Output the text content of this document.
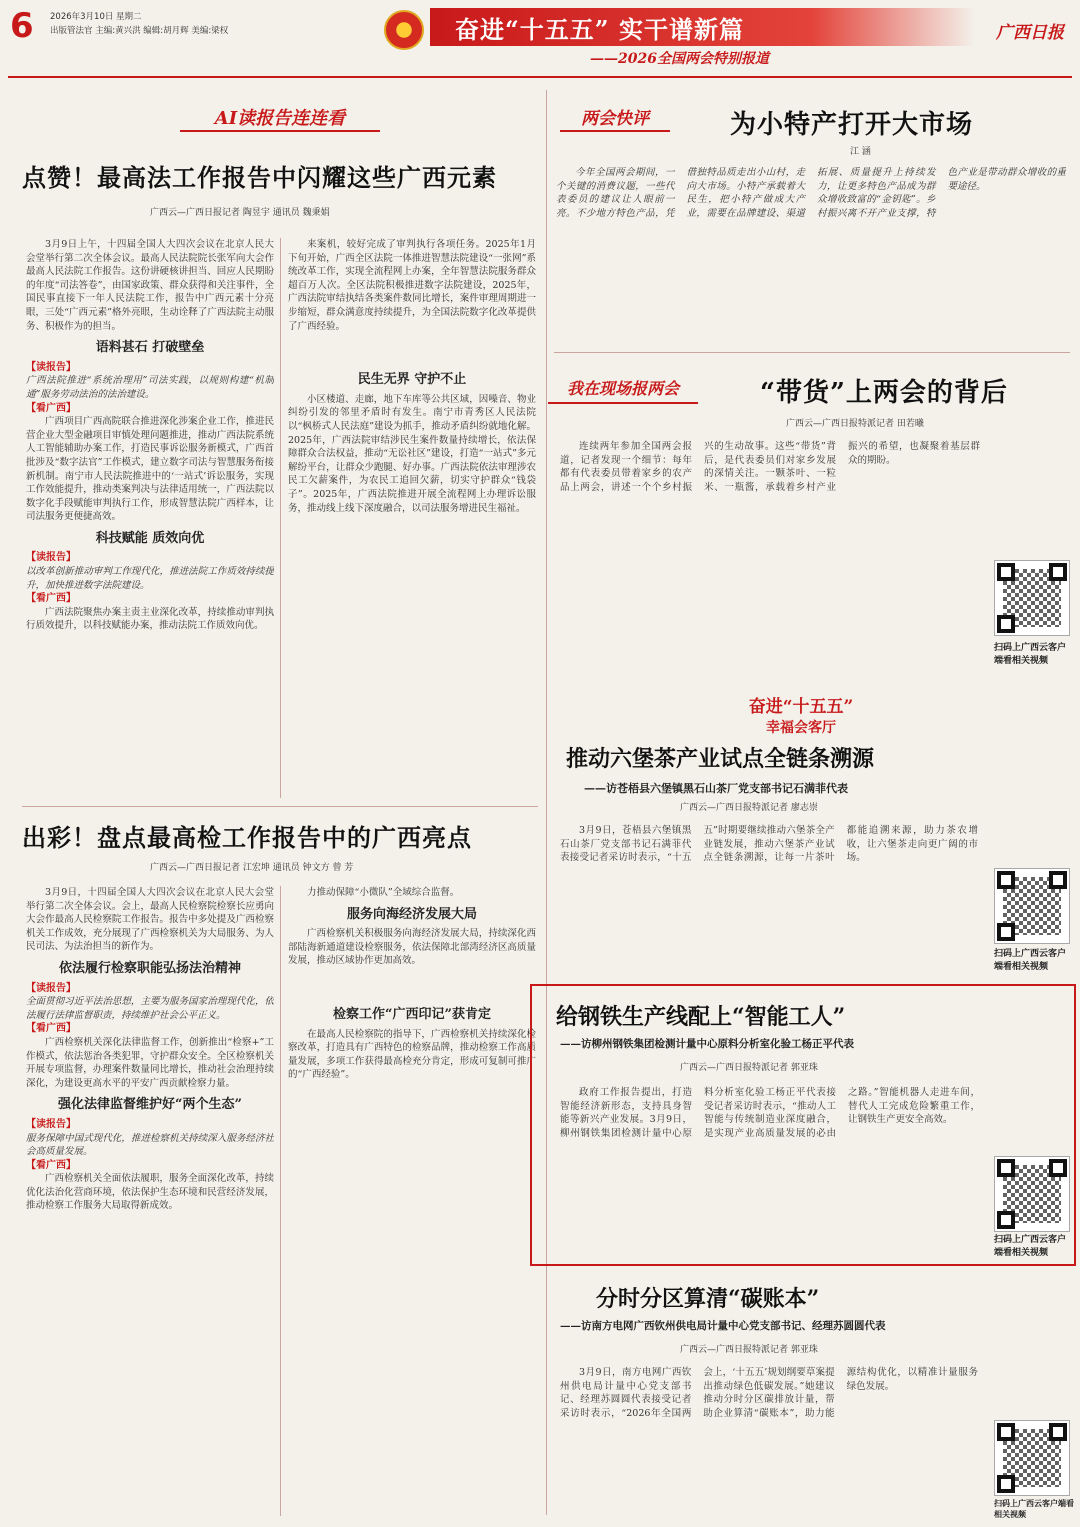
6 2026年3月10日 星期二
出版管法官 主编:黄兴洪 编辑:胡月辉 美编:梁权	奋进“十五五” 实干谱新篇
——2026全国两会特别报道
广西日报
AI读报告连连看
点赞！最高法工作报告中闪耀这些广西元素
广西云—广西日报记者 陶昱宇 通讯员 魏秉娟

3月9日上午，十四届全国人大四次会议在北京人民大会堂举行第二次全体会议。最高人民法院院长张军向大会作最高人民法院工作报告。这份讲硬核讲担当、回应人民期盼的年度“司法答卷”，由国家政策、群众获得和关注事件，全国民事直接下一年人民法院工作，报告中广西元素十分亮眼，三处“广西元素”格外亮眼，生动诠释了广西法院主动服务、积极作为的担当。

语料甚石 打破壁垒
【读报告】
广西法院推进“系统治理用”司法实践，以规则构建“机制通”服务劳动法治的法治建设。
【看广西】

广西项目广西高院联合推进深化涉案企业工作，推进民营企业大型金融项目审慎处理问题推进，推动广西法院系统人工智能辅助办案工作，打造民事诉讼服务新模式，广西首批涉及“数字法官”工作模式，建立数字司法与智慧服务衔接新机制。南宁市人民法院推进中的‘一站式’诉讼服务，实现工作效能提升，推动类案判决与法律适用统一，广西法院以数字化手段赋能审判执行工作，形成智慧法院广西样本，让司法服务更便捷高效。

科技赋能 质效向优
【读报告】
以改革创新推动审判工作现代化，推进法院工作质效持续提升，加快推进数字法院建设。
【看广西】

广西法院聚焦办案主责主业深化改革，持续推动审判执行质效提升，以科技赋能办案，推动法院工作质效向优。

来案机，较好完成了审判执行各项任务。2025年1月下旬开始，广西全区法院一体推进智慧法院建设“一张网”系统改革工作，实现全流程网上办案，全年智慧法院服务群众超百万人次。全区法院积极推进数字法院建设，2025年，广西法院审结执结各类案件数同比增长，案件审理周期进一步缩短，群众满意度持续提升，为全国法院数字化改革提供了广西经验。

民生无界 守护不止

小区楼道、走廊，地下车库等公共区域，因噪音、物业纠纷引发的邻里矛盾时有发生。南宁市青秀区人民法院以“枫桥式人民法庭”建设为抓手，推动矛盾纠纷就地化解。2025年，广西法院审结涉民生案件数量持续增长，依法保障群众合法权益，推动“无讼社区”建设，打造“一站式”多元解纷平台，让群众少跑腿、好办事。广西法院依法审理涉农民工欠薪案件，为农民工追回欠薪，切实守护群众“钱袋子”。2025年，广西法院推进开展全流程网上办理诉讼服务，推动线上线下深度融合，以司法服务增进民生福祉。

出彩！盘点最高检工作报告中的广西亮点
广西云—广西日报记者 江宏坤 通讯员 钟文方 曾 芳

3月9日，十四届全国人大四次会议在北京人民大会堂举行第二次全体会议。会上，最高人民检察院检察长应勇向大会作最高人民检察院工作报告。报告中多处提及广西检察机关工作成效，充分展现了广西检察机关为大局服务、为人民司法、为法治担当的新作为。

依法履行检察职能弘扬法治精神
【读报告】
全面贯彻习近平法治思想，主要为服务国家治理现代化，依法履行法律监督职责，持续维护社会公平正义。
【看广西】

广西检察机关深化法律监督工作，创新推出“检察+”工作模式，依法惩治各类犯罪，守护群众安全。全区检察机关开展专项监督，办理案件数量同比增长，推动社会治理持续深化，为建设更高水平的平安广西贡献检察力量。

强化法律监督维护好“两个生态”
【读报告】
服务保障中国式现代化，推进检察机关持续深入服务经济社会高质量发展。
【看广西】

广西检察机关全面依法履职，服务全面深化改革，持续优化法治化营商环境，依法保护生态环境和民营经济发展，推动检察工作服务大局取得新成效。

力推动保障“小微队”全域综合监督。

服务向海经济发展大局

广西检察机关积极服务向海经济发展大局，持续深化西部陆海新通道建设检察服务，依法保障北部湾经济区高质量发展，推动区域协作更加高效。

检察工作“广西印记”获肯定

在最高人民检察院的指导下，广西检察机关持续深化检察改革，打造具有广西特色的检察品牌，推动检察工作高质量发展，多项工作获得最高检充分肯定，形成可复制可推广的“广西经验”。

两会快评	为小特产打开大市场
江 涵

今年全国两会期间，一个关键的消费议题，一些代表委员的建议让人眼前一亮。不少地方特色产品，凭借独特品质走出小山村，走向大市场。小特产承载着大民生，把小特产做成大产业，需要在品牌建设、渠道拓展、质量提升上持续发力，让更多特色产品成为群众增收致富的“金钥匙”。乡村振兴离不开产业支撑，特色产业是带动群众增收的重要途径。

我在现场报两会	“带货”上两会的背后
广西云—广西日报特派记者 田若曦

连续两年参加全国两会报道，记者发现一个细节：每年都有代表委员带着家乡的农产品上两会，讲述一个个乡村振兴的生动故事。这些“带货”背后，是代表委员们对家乡发展的深情关注。一颗茶叶、一粒米、一瓶酱，承载着乡村产业振兴的希望，也凝聚着基层群众的期盼。

扫码上广西云客户端看相关视频
奋进“十五五”
幸福会客厅
推动六堡茶产业试点全链条溯源
——访苍梧县六堡镇黑石山茶厂党支部书记石满菲代表
广西云—广西日报特派记者 廖志崇

3月9日，苍梧县六堡镇黑石山茶厂党支部书记石满菲代表接受记者采访时表示，“十五五”时期要继续推动六堡茶全产业链发展，推动六堡茶产业试点全链条溯源，让每一片茶叶都能追溯来源，助力茶农增收，让六堡茶走向更广阔的市场。

扫码上广西云客户端看相关视频
给钢铁生产线配上“智能工人”
——访柳州钢铁集团检测计量中心原料分析室化验工杨正平代表
广西云—广西日报特派记者 郭亚珠

政府工作报告提出，打造智能经济新形态，支持具身智能等新兴产业发展。3月9日，柳州钢铁集团检测计量中心原料分析室化验工杨正平代表接受记者采访时表示，“推动人工智能与传统制造业深度融合，是实现产业高质量发展的必由之路。”智能机器人走进车间，替代人工完成危险繁重工作，让钢铁生产更安全高效。

扫码上广西云客户端看相关视频
分时分区算清“碳账本”
——访南方电网广西钦州供电局计量中心党支部书记、经理苏圆圆代表
广西云—广西日报特派记者 郭亚珠

3月9日，南方电网广西钦州供电局计量中心党支部书记、经理苏圆圆代表接受记者采访时表示，“2026年全国两会上，‘十五五’规划纲要草案提出推动绿色低碳发展。”她建议推动分时分区碳排放计量，帮助企业算清“碳账本”，助力能源结构优化，以精准计量服务绿色发展。

扫码上广西云客户端看相关视频
